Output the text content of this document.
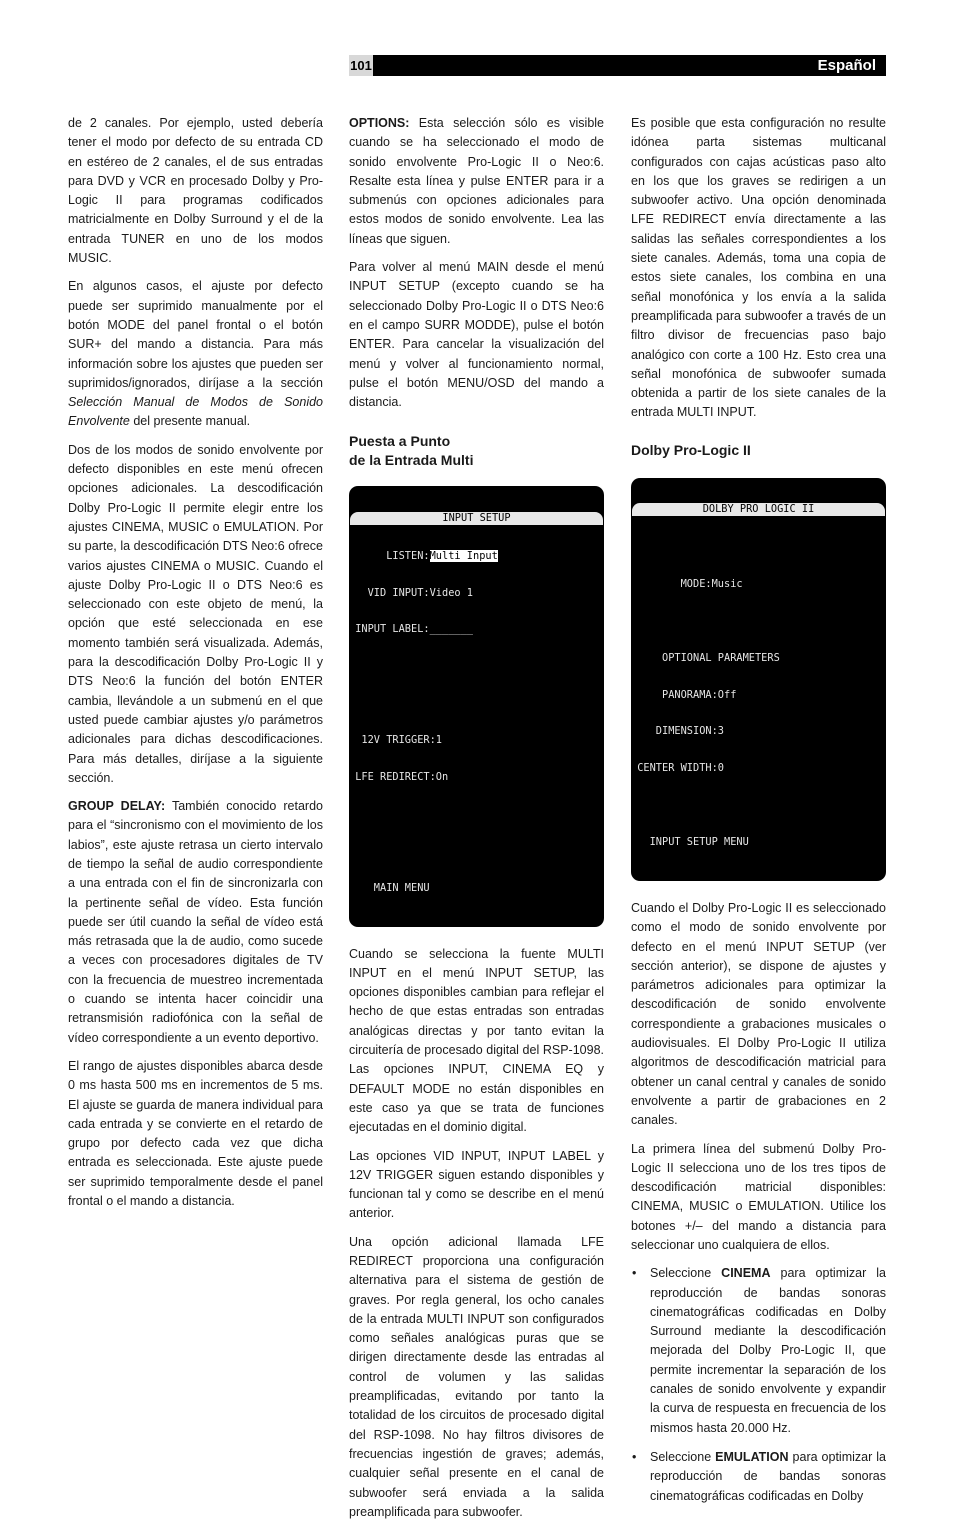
101	Español

de 2 canales. Por ejemplo, usted debería tener el modo por defecto de su entrada CD en estéreo de 2 canales, el de sus entradas para DVD y VCR en procesado Dolby y Pro-Logic II para programas codificados matricialmente en Dolby Surround y el de la entrada TUNER en uno de los modos MUSIC.

En algunos casos, el ajuste por defecto puede ser suprimido manualmente por el botón MODE del panel frontal o el botón SUR+ del mando a distancia. Para más información sobre los ajustes que pueden ser suprimidos/ignorados, diríjase a la sección Selección Manual de Modos de Sonido Envolvente del presente manual.

Dos de los modos de sonido envolvente por defecto disponibles en este menú ofrecen opciones adicionales. La descodificación Dolby Pro-Logic II permite elegir entre los ajustes CINEMA, MUSIC o EMULATION. Por su parte, la descodificación DTS Neo:6 ofrece varios ajustes CINEMA o MUSIC. Cuando el ajuste Dolby Pro-Logic II o DTS Neo:6 es seleccionado con este objeto de menú, la opción que esté seleccionada en ese momento también será visualizada. Además, para la descodificación Dolby Pro-Logic II y DTS Neo:6 la función del botón ENTER cambia, llevándole a un submenú en el que usted puede cambiar ajustes y/o parámetros adicionales para dichas descodificaciones. Para más detalles, diríjase a la siguiente sección.

GROUP DELAY: También conocido retardo para el “sincronismo con el movimiento de los labios”, este ajuste retrasa un cierto intervalo de tiempo la señal de audio correspondiente a una entrada con el fin de sincronizarla con la pertinente señal de vídeo. Esta función puede ser útil cuando la señal de vídeo está más retrasada que la de audio, como sucede a veces con procesadores digitales de TV con la frecuencia de muestreo incrementada o cuando se intenta hacer coincidir una retransmisión radiofónica con la señal de vídeo correspondiente a un evento deportivo.

El rango de ajustes disponibles abarca desde 0 ms hasta 500 ms en incrementos de 5 ms. El ajuste se guarda de manera individual para cada entrada y se convierte en el retardo de grupo por defecto cada vez que dicha entrada es seleccionada. Este ajuste puede ser suprimido temporalmente desde el panel frontal o el mando a distancia.

OPTIONS: Esta selección sólo es visible cuando se ha seleccionado el modo de sonido envolvente Pro-Logic II o Neo:6. Resalte esta línea y pulse ENTER para ir a submenús con opciones adicionales para estos modos de sonido envolvente. Lea las líneas que siguen.

Para volver al menú MAIN desde el menú INPUT SETUP (excepto cuando se ha seleccionado Dolby Pro-Logic II o DTS Neo:6 en el campo SURR MODDE), pulse el botón ENTER. Para cancelar la visualización del menú y volver al funcionamiento normal, pulse el botón MENU/OSD del mando a distancia.

Puesta a Punto
de la Entrada Multi

INPUT SETUP

LISTEN:Multi Input

VID INPUT:Video 1

INPUT LABEL:_______

12V TRIGGER:1

LFE REDIRECT:On

MAIN MENU

Cuando se selecciona la fuente MULTI INPUT en el menú INPUT SETUP, las opciones disponibles cambian para reflejar el hecho de que estas entradas son entradas analógicas directas y por tanto evitan la circuitería de procesado digital del RSP-1098. Las opciones INPUT, CINEMA EQ y DEFAULT MODE no están disponibles en este caso ya que se trata de funciones ejecutadas en el dominio digital.

Las opciones VID INPUT, INPUT LABEL y 12V TRIGGER siguen estando disponibles y funcionan tal y como se describe en el menú anterior.

Una opción adicional llamada LFE REDIRECT proporciona una configuración alternativa para el sistema de gestión de graves. Por regla general, los ocho canales de la entrada MULTI INPUT son configurados como señales analógicas puras que se dirigen directamente desde las entradas al control de volumen y las salidas preamplificadas, evitando por tanto la totalidad de los circuitos de procesado digital del RSP-1098. No hay filtros divisores de frecuencias ingestión de graves; además, cualquier señal presente en el canal de subwoofer será enviada a la salida preamplificada para subwoofer.

Es posible que esta configuración no resulte idónea parta sistemas multicanal configurados con cajas acústicas paso alto en los que los graves se redirigen a un subwoofer activo. Una opción denominada LFE REDIRECT envía directamente a las salidas las señales correspondientes a los siete canales. Además, toma una copia de estos siete canales, los combina en una señal monofónica y los envía a la salida preamplificada para subwoofer a través de un filtro divisor de frecuencias paso bajo analógico con corte a 100 Hz. Esto crea una señal monofónica de subwoofer sumada obtenida a partir de los siete canales de la entrada MULTI INPUT.

Dolby Pro-Logic II

DOLBY PRO LOGIC II

MODE:Music

OPTIONAL PARAMETERS

PANORAMA:Off

DIMENSION:3

CENTER WIDTH:0

INPUT SETUP MENU

Cuando el Dolby Pro-Logic II es seleccionado como el modo de sonido envolvente por defecto en el menú INPUT SETUP (ver sección anterior), se dispone de ajustes y parámetros adicionales para optimizar la descodificación de sonido envolvente correspondiente a grabaciones musicales o audiovisuales. El Dolby Pro-Logic II utiliza algoritmos de descodificación matricial para obtener un canal central y canales de sonido envolvente a partir de grabaciones en 2 canales.

La primera línea del submenú Dolby Pro-Logic II selecciona uno de los tres tipos de descodificación matricial disponibles: CINEMA, MUSIC o EMULATION. Utilice los botones +/– del mando a distancia para seleccionar uno cualquiera de ellos.

• Seleccione CINEMA para optimizar la reproducción de bandas sonoras cinematográficas codificadas en Dolby Surround mediante la descodificación mejorada del Dolby Pro-Logic II, que permite incrementar la separación de los canales de sonido envolvente y expandir la curva de respuesta en frecuencia de los mismos hasta 20.000 Hz.
• Seleccione EMULATION para optimizar la reproducción de bandas sonoras cinematográficas codificadas en Dolby
